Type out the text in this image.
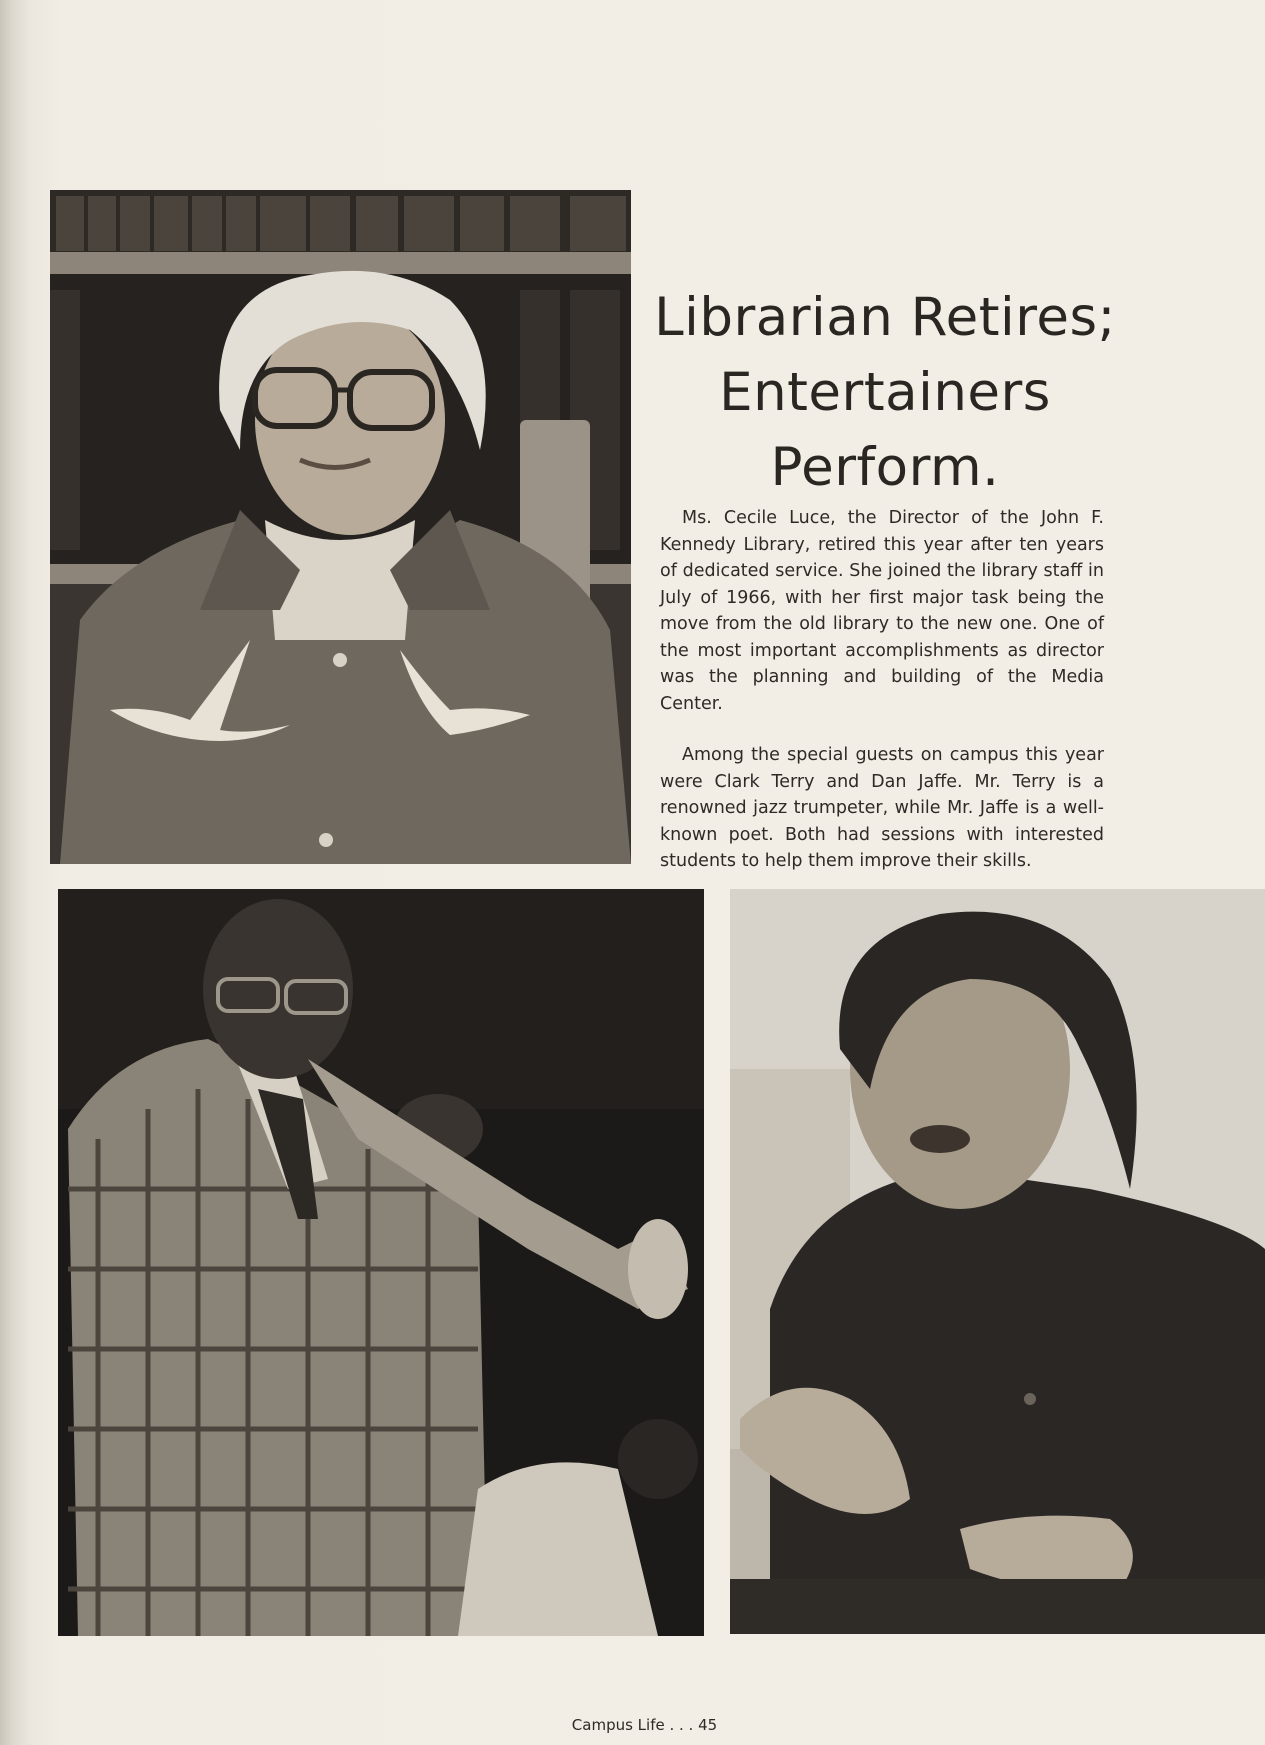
Librarian Retires;
Entertainers
Perform.

Ms. Cecile Luce, the Director of the John F. Kennedy Library, retired this year after ten years of dedicated service. She joined the library staff in July of 1966, with her first major task being the move from the old library to the new one. One of the most important accomplishments as director was the planning and building of the Media Center.

Among the special guests on campus this year were Clark Terry and Dan Jaffe. Mr. Terry is a renowned jazz trumpeter, while Mr. Jaffe is a well-known poet. Both had sessions with interested students to help them improve their skills.

Campus Life . . . 45
